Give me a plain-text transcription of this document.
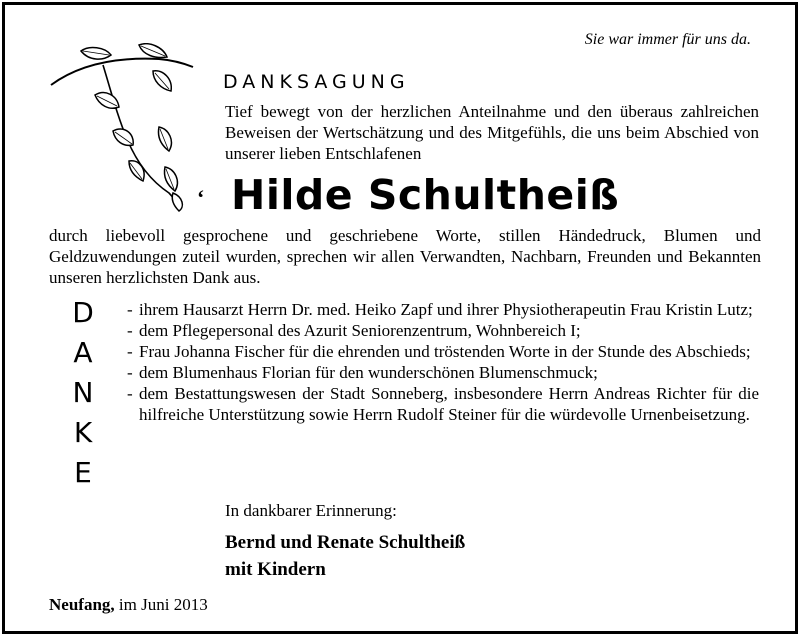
Sie war immer für uns da.
DANKSAGUNG
Tief bewegt von der herzlichen Anteilnahme und den überaus zahlreichen Beweisen der Wertschätzung und des Mitgefühls, die uns beim Abschied von unserer lieben Entschlafenen
‘ Hilde Schultheiß
durch liebevoll gesprochene und geschriebene Worte, stillen Händedruck, Blumen und Geldzuwendungen zuteil wurden, sprechen wir allen Verwandten, Nachbarn, Freunden und Bekannten unseren herzlichsten Dank aus.
D
A
N
K
E
- ihrem Hausarzt Herrn Dr. med. Heiko Zapf und ihrer Physiotherapeutin Frau Kristin Lutz;
- dem Pflegepersonal des Azurit Seniorenzentrum, Wohnbereich I;
- Frau Johanna Fischer für die ehrenden und tröstenden Worte in der Stunde des Abschieds;
- dem Blumenhaus Florian für den wunderschönen Blumenschmuck;
- dem Bestattungswesen der Stadt Sonneberg, insbesondere Herrn Andreas Richter für die hilfreiche Unterstützung sowie Herrn Rudolf Steiner für die würdevolle Urnenbeisetzung.
In dankbarer Erinnerung:
Bernd und Renate Schultheiß
mit Kindern
Neufang, im Juni 2013
